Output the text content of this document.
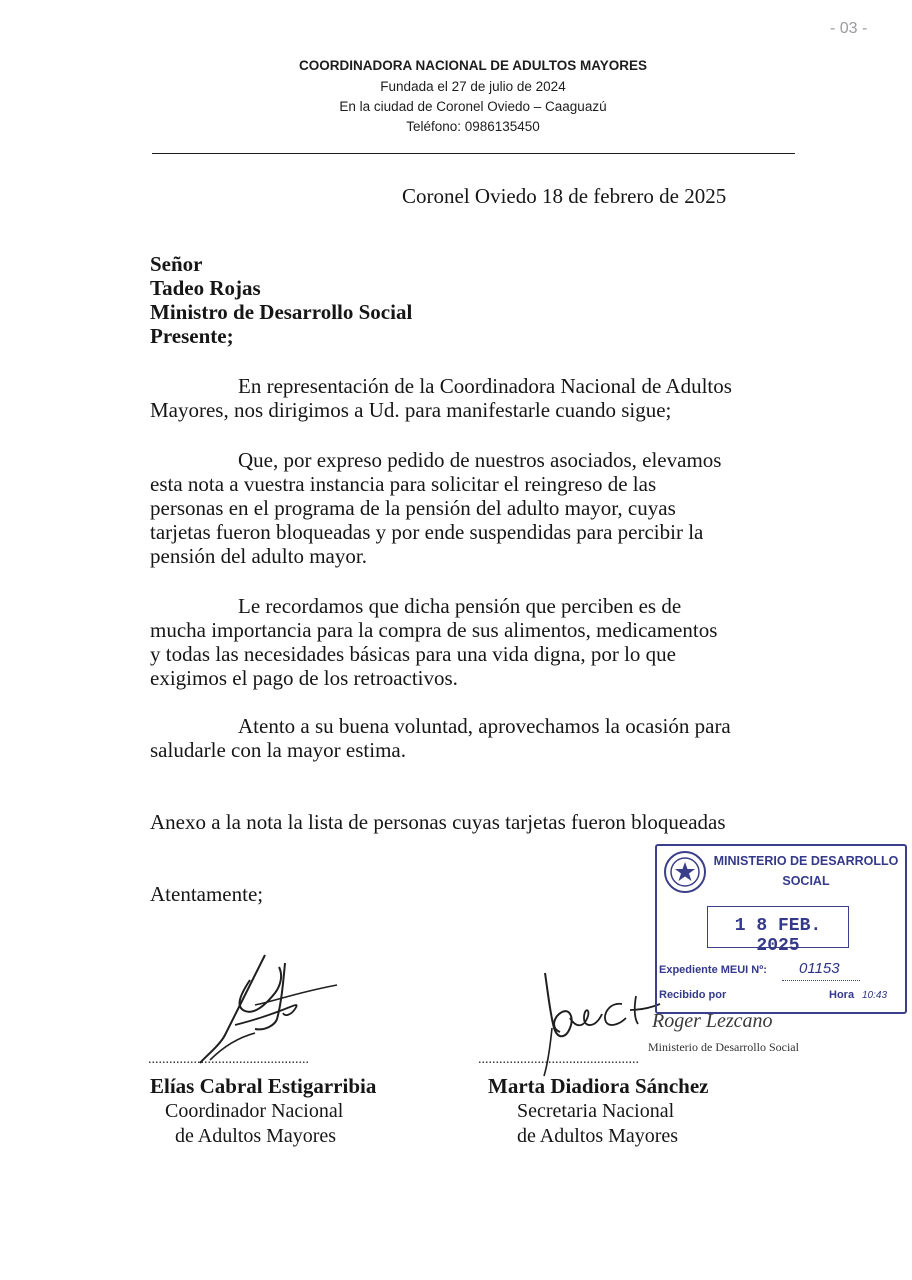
- 03 -
COORDINADORA NACIONAL DE ADULTOS MAYORES
Fundada el 27 de julio de 2024
En la ciudad de Coronel Oviedo – Caaguazú
Teléfono: 0986135450
Coronel Oviedo 18 de febrero de 2025
Señor
Tadeo Rojas
Ministro de Desarrollo Social
Presente;
En representación de la Coordinadora Nacional de Adultos
Mayores, nos dirigimos a Ud. para manifestarle cuando sigue;
Que, por expreso pedido de nuestros asociados, elevamos
esta nota a vuestra instancia para solicitar el reingreso de las
personas en el programa de la pensión del adulto mayor, cuyas
tarjetas fueron bloqueadas y por ende suspendidas para percibir la
pensión del adulto mayor.
Le recordamos que dicha pensión que perciben es de
mucha importancia para la compra de sus alimentos, medicamentos
y todas las necesidades básicas para una vida digna, por lo que
exigimos el pago de los retroactivos.
Atento a su buena voluntad, aprovechamos la ocasión para
saludarle con la mayor estima.
Anexo a la nota la lista de personas cuyas tarjetas fueron bloqueadas
Atentamente;
..............................................
Elías Cabral Estigarribia
Coordinador Nacional
de Adultos Mayores
..............................................
Marta Diadiora Sánchez
Secretaria Nacional
de Adultos Mayores
MINISTERIO DE DESARROLLO
SOCIAL
1 8 FEB. 2025
Expediente MEUI Nº: 01153
Recibido por	Hora 10:43
Roger Lezcano
Ministerio de Desarrollo Social
